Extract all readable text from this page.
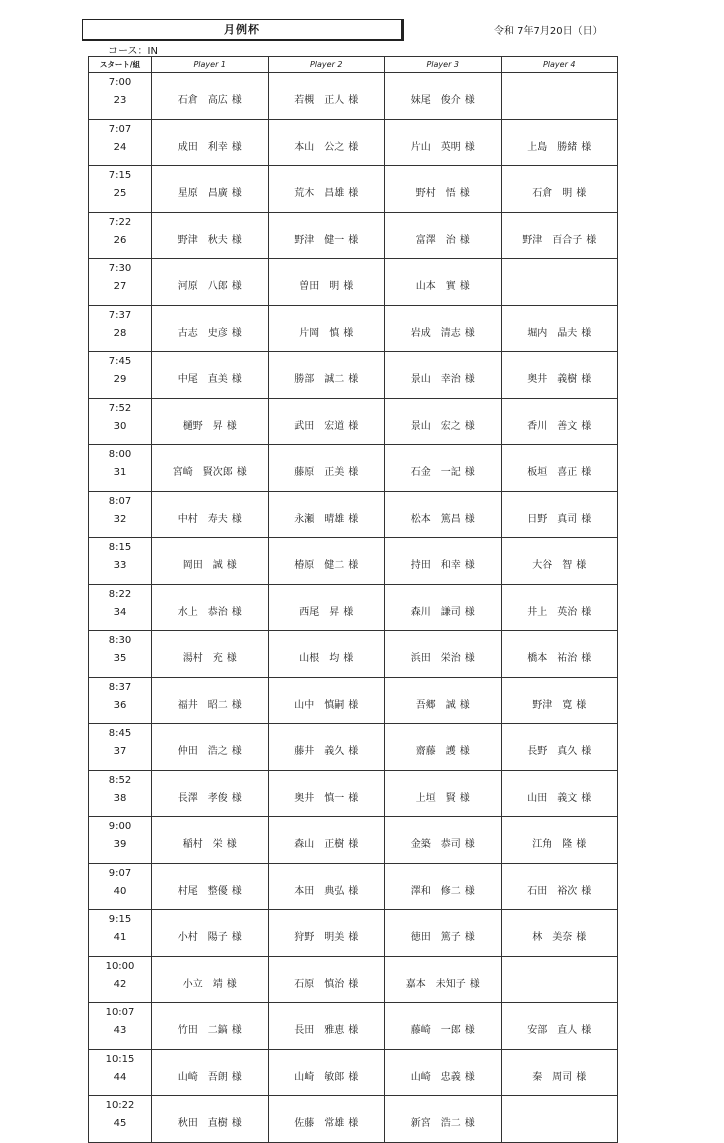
月例杯	令和 7年7月20日（日）
コース：IN
スタート/組	Player 1	Player 2	Player 3	Player 4

7:00
23	石倉　高広 様	若槻　正人 様	妹尾　俊介 様	

7:07
24	成田　利幸 様	本山　公之 様	片山　英明 様	上島　勝緒 様

7:15
25	星原　昌廣 様	荒木　昌雄 様	野村　悟 様	石倉　明 様

7:22
26	野津　秋夫 様	野津　健一 様	富澤　治 様	野津　百合子 様

7:30
27	河原　八郎 様	曽田　明 様	山本　實 様	

7:37
28	古志　史彦 様	片岡　慎 様	岩成　清志 様	堀内　晶夫 様

7:45
29	中尾　直美 様	勝部　誠二 様	景山　幸治 様	奥井　義樹 様

7:52
30	樋野　昇 様	武田　宏道 様	景山　宏之 様	香川　善文 様

8:00
31	宮崎　賢次郎 様	藤原　正美 様	石金　一記 様	板垣　喜正 様

8:07
32	中村　寿夫 様	永瀬　晴雄 様	松本　篤昌 様	日野　真司 様

8:15
33	岡田　誠 様	椿原　健二 様	持田　和幸 様	大谷　智 様

8:22
34	水上　恭治 様	西尾　昇 様	森川　謙司 様	井上　英治 様

8:30
35	湯村　充 様	山根　均 様	浜田　栄治 様	橋本　祐治 様

8:37
36	福井　昭二 様	山中　慎嗣 様	吾郷　誠 様	野津　寛 様

8:45
37	仲田　浩之 様	藤井　義久 様	齋藤　護 様	長野　真久 様

8:52
38	長澤　孝俊 様	奥井　慎一 様	上垣　賢 様	山田　義文 様

9:00
39	稲村　栄 様	森山　正樹 様	金築　恭司 様	江角　隆 様

9:07
40	村尾　整優 様	本田　典弘 様	澤和　修二 様	石田　裕次 様

9:15
41	小村　陽子 様	狩野　明美 様	徳田　篤子 様	林　美奈 様

10:00
42	小立　靖 様	石原　慎治 様	嘉本　未知子 様	

10:07
43	竹田　二鎬 様	長田　雅恵 様	藤崎　一郎 様	安部　直人 様

10:15
44	山崎　吾朗 様	山崎　敏郎 様	山崎　忠義 様	秦　周司 様

10:22
45	秋田　直樹 様	佐藤　常雄 様	新宮　浩二 様	
